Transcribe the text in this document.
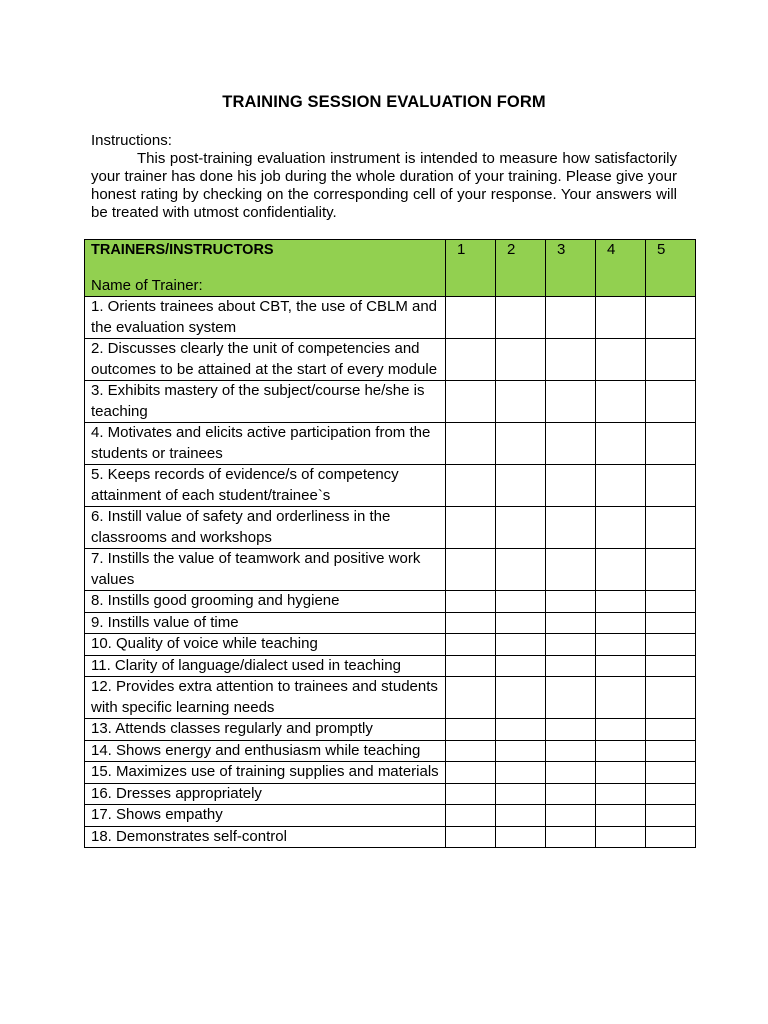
TRAINING SESSION EVALUATION FORM
Instructions:
This post-training evaluation instrument is intended to measure how satisfactorily your trainer has done his job during the whole duration of your training. Please give your honest rating by checking on the corresponding cell of your response. Your answers will be treated with utmost confidentiality.
TRAINERS/INSTRUCTORS
Name of Trainer:	1	2	3	4	5
1. Orients trainees about CBT, the use of CBLM and the evaluation system					
2. Discusses clearly the unit of competencies and outcomes to be attained at the start of every module					
3. Exhibits mastery of the subject/course he/she is teaching					
4. Motivates and elicits active participation from the students or trainees					
5. Keeps records of evidence/s of competency attainment of each student/trainee`s					
6. Instill value of safety and orderliness in the classrooms and workshops					
7. Instills the value of teamwork and positive work values					
8. Instills good grooming and hygiene					
9. Instills value of time					
10. Quality of voice while teaching					
11. Clarity of language/dialect used in teaching					
12. Provides extra attention to trainees and students with specific learning needs					
13. Attends classes regularly and promptly					
14. Shows energy and enthusiasm while teaching					
15. Maximizes use of training supplies and materials					
16. Dresses appropriately					
17. Shows empathy					
18. Demonstrates self-control					
